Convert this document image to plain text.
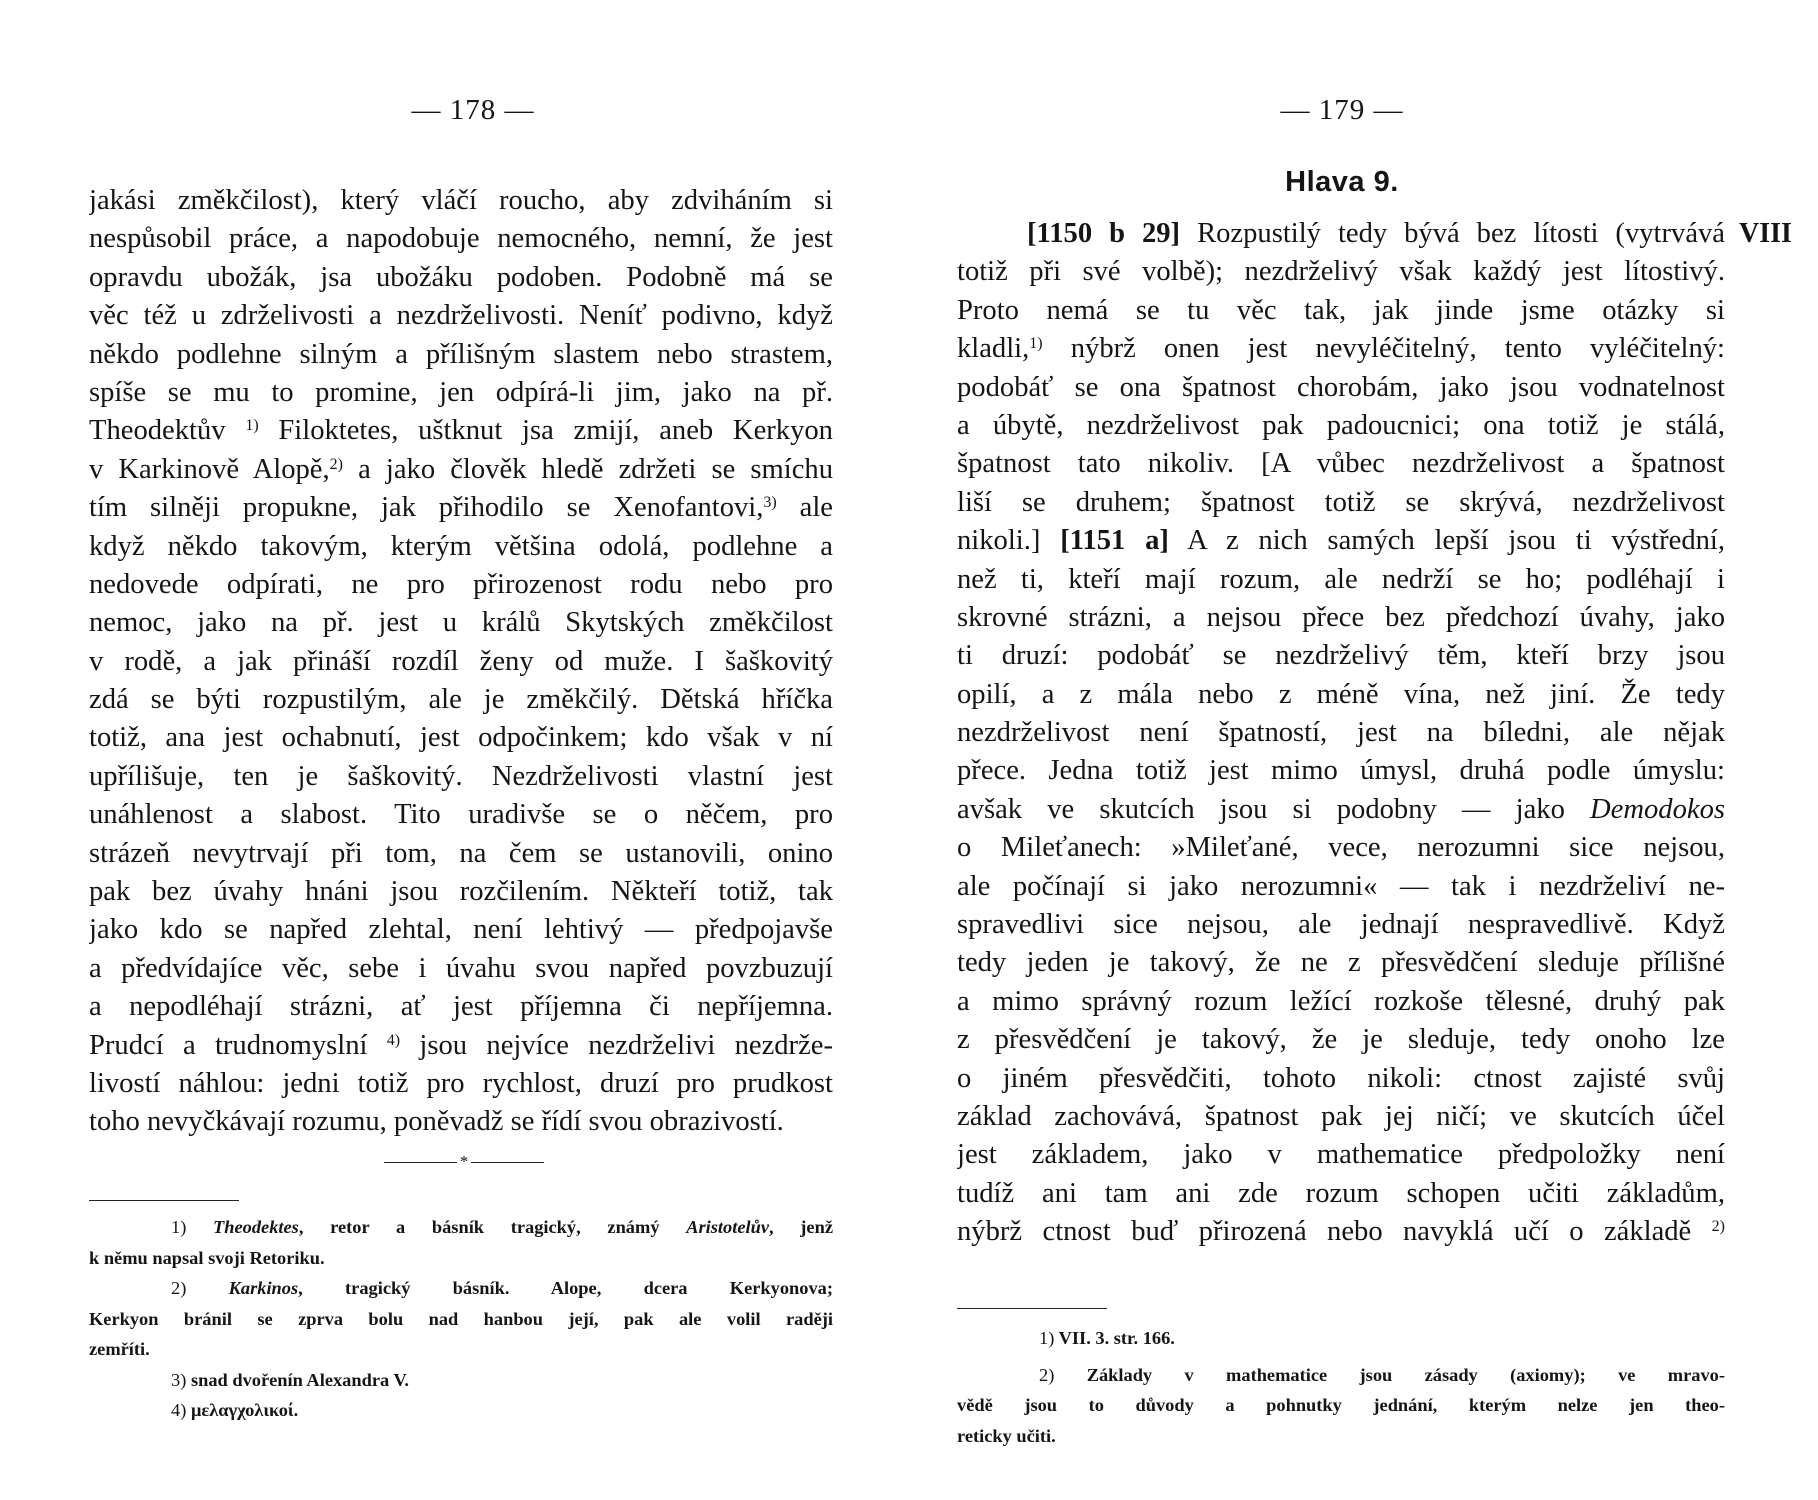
— 178 —
jakási změkčilost), který vláčí roucho, aby zdviháním si
nespůsobil práce, a napodobuje nemocného, nemní, že jest
opravdu ubožák, jsa ubožáku podoben. Podobně má se
věc též u zdrželivosti a nezdrželivosti. Neníť podivno, když
někdo podlehne silným a přílišným slastem nebo strastem,
spíše se mu to promine, jen odpírá-li jim, jako na př.
Theodektův $^{1)}$ Filoktetes, uštknut jsa zmijí, aneb Kerkyon
v Karkinově Alopě,$^{2)}$ a jako člověk hledě zdržeti se smíchu
tím silněji propukne, jak přihodilo se Xenofantovi,$^{3)}$ ale
když někdo takovým, kterým většina odolá, podlehne a
nedovede odpírati, ne pro přirozenost rodu nebo pro
nemoc, jako na př. jest u králů Skytských změkčilost
v rodě, a jak přináší rozdíl ženy od muže. I šaškovitý
zdá se býti rozpustilým, ale je změkčilý. Dětská hříčka
totiž, ana jest ochabnutí, jest odpočinkem; kdo však v ní
upřílišuje, ten je šaškovitý. Nezdrželivosti vlastní jest
unáhlenost a slabost. Tito uradivše se o něčem, pro
strázeň nevytrvají při tom, na čem se ustanovili, onino
pak bez úvahy hnáni jsou rozčilením. Někteří totiž, tak
jako kdo se napřed zlehtal, není lehtivý — předpojavše
a předvídajíce věc, sebe i úvahu svou napřed povzbuzují
a nepodléhají strázni, ať jest příjemna či nepříjemna.
Prudcí a trudnomyslní $^{4)}$ jsou nejvíce nezdrželivi nezdrže-
livostí náhlou: jedni totiž pro rychlost, druzí pro prudkost
toho nevyčkávají rozumu, poněvadž se řídí svou obrazivostí.
*
1) Theodektes, retor a básník tragický, známý Aristotelův, jenž
k němu napsal svoji Retoriku.
2) Karkinos, tragický básník. Alope, dcera Kerkyonova;
Kerkyon bránil se zprva bolu nad hanbou její, pak ale volil raději
zemříti.
3) snad dvořenín Alexandra V.
4) μελαγχολικοί.
— 179 —
Hlava 9.
VIII
[1150 b 29] Rozpustilý tedy bývá bez lítosti (vytrvává
totiž při své volbě); nezdrželivý však každý jest lítostivý.
Proto nemá se tu věc tak, jak jinde jsme otázky si
kladli,$^{1)}$ nýbrž onen jest nevyléčitelný, tento vyléčitelný:
podobáť se ona špatnost chorobám, jako jsou vodnatelnost
a úbytě, nezdrželivost pak padoucnici; ona totiž je stálá,
špatnost tato nikoliv. [A vůbec nezdrželivost a špatnost
liší se druhem; špatnost totiž se skrývá, nezdrželivost
nikoli.] [1151 a] A z nich samých lepší jsou ti výstřední,
než ti, kteří mají rozum, ale nedrží se ho; podléhají i
skrovné strázni, a nejsou přece bez předchozí úvahy, jako
ti druzí: podobáť se nezdrželivý těm, kteří brzy jsou
opilí, a z mála nebo z méně vína, než jiní. Že tedy
nezdrželivost není špatností, jest na bíledni, ale nějak
přece. Jedna totiž jest mimo úmysl, druhá podle úmyslu:
avšak ve skutcích jsou si podobny — jako Demodokos
o Mileťanech: »Mileťané, vece, nerozumni sice nejsou,
ale počínají si jako nerozumni« — tak i nezdrželiví ne-
spravedlivi sice nejsou, ale jednají nespravedlivě. Když
tedy jeden je takový, že ne z přesvědčení sleduje přílišné
a mimo správný rozum ležící rozkoše tělesné, druhý pak
z přesvědčení je takový, že je sleduje, tedy onoho lze
o jiném přesvědčiti, tohoto nikoli: ctnost zajisté svůj
základ zachovává, špatnost pak jej ničí; ve skutcích účel
jest základem, jako v mathematice předpoložky není
tudíž ani tam ani zde rozum schopen učiti základům,
nýbrž ctnost buď přirozená nebo navyklá učí o základě $^{2)}$
1) VII. 3. str. 166.
2) Základy v mathematice jsou zásady (axiomy); ve mravo-
vědě jsou to důvody a pohnutky jednání, kterým nelze jen theo-
reticky učiti.
